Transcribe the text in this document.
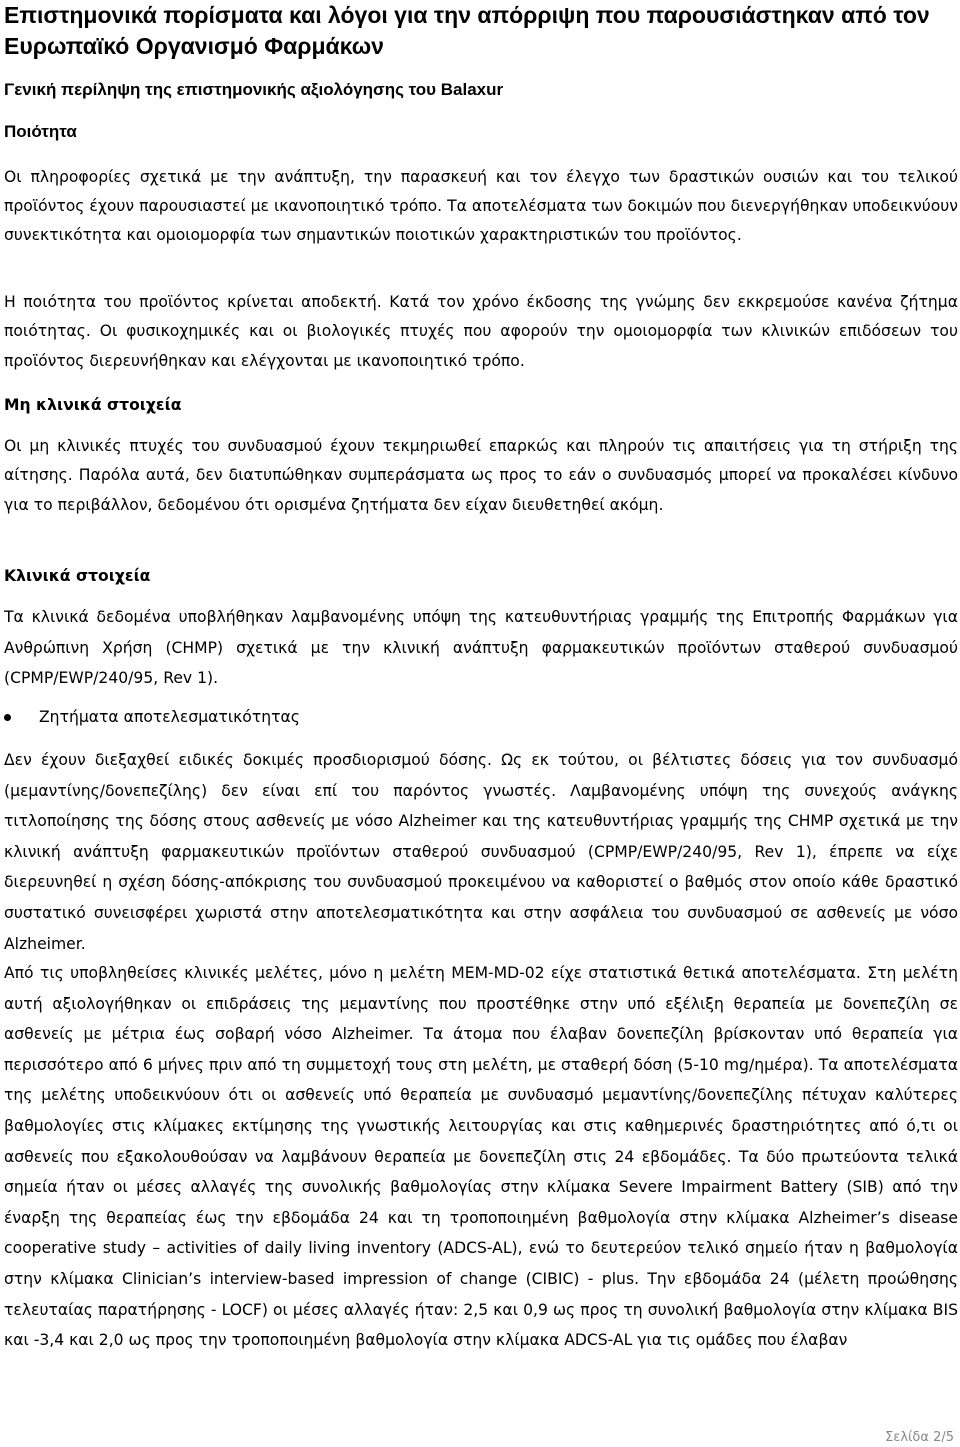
Επιστημονικά πορίσματα και λόγοι για την απόρριψη που παρουσιάστηκαν από τον Ευρωπαϊκό Οργανισμό Φαρμάκων
Γενική περίληψη της επιστημονικής αξιολόγησης του Balaxur
Ποιότητα

Οι πληροφορίες σχετικά με την ανάπτυξη, την παρασκευή και τον έλεγχο των δραστικών ουσιών και του τελικού προϊόντος έχουν παρουσιαστεί με ικανοποιητικό τρόπο. Τα αποτελέσματα των δοκιμών που διενεργήθηκαν υποδεικνύουν συνεκτικότητα και ομοιομορφία των σημαντικών ποιοτικών χαρακτηριστικών του προϊόντος.

Η ποιότητα του προϊόντος κρίνεται αποδεκτή. Κατά τον χρόνο έκδοσης της γνώμης δεν εκκρεμούσε κανένα ζήτημα ποιότητας. Οι φυσικοχημικές και οι βιολογικές πτυχές που αφορούν την ομοιομορφία των κλινικών επιδόσεων του προϊόντος διερευνήθηκαν και ελέγχονται με ικανοποιητικό τρόπο.

Μη κλινικά στοιχεία

Οι μη κλινικές πτυχές του συνδυασμού έχουν τεκμηριωθεί επαρκώς και πληρούν τις απαιτήσεις για τη στήριξη της αίτησης. Παρόλα αυτά, δεν διατυπώθηκαν συμπεράσματα ως προς το εάν ο συνδυασμός μπορεί να προκαλέσει κίνδυνο για το περιβάλλον, δεδομένου ότι ορισμένα ζητήματα δεν είχαν διευθετηθεί ακόμη.

Κλινικά στοιχεία

Τα κλινικά δεδομένα υποβλήθηκαν λαμβανομένης υπόψη της κατευθυντήριας γραμμής της Επιτροπής Φαρμάκων για Ανθρώπινη Χρήση (CHMP) σχετικά με την κλινική ανάπτυξη φαρμακευτικών προϊόντων σταθερού συνδυασμού (CPMP/EWP/240/95, Rev 1).

Ζητήματα αποτελεσματικότητας

Δεν έχουν διεξαχθεί ειδικές δοκιμές προσδιορισμού δόσης. Ως εκ τούτου, οι βέλτιστες δόσεις για τον συνδυασμό (μεμαντίνης/δονεπεζίλης) δεν είναι επί του παρόντος γνωστές. Λαμβανομένης υπόψη της συνεχούς ανάγκης τιτλοποίησης της δόσης στους ασθενείς με νόσο Alzheimer και της κατευθυντήριας γραμμής της CHMP σχετικά με την κλινική ανάπτυξη φαρμακευτικών προϊόντων σταθερού συνδυασμού (CPMP/EWP/240/95, Rev 1), έπρεπε να είχε διερευνηθεί η σχέση δόσης-απόκρισης του συνδυασμού προκειμένου να καθοριστεί ο βαθμός στον οποίο κάθε δραστικό συστατικό συνεισφέρει χωριστά στην αποτελεσματικότητα και στην ασφάλεια του συνδυασμού σε ασθενείς με νόσο Alzheimer.

Από τις υποβληθείσες κλινικές μελέτες, μόνο η μελέτη MEM-MD-02 είχε στατιστικά θετικά αποτελέσματα. Στη μελέτη αυτή αξιολογήθηκαν οι επιδράσεις της μεμαντίνης που προστέθηκε στην υπό εξέλιξη θεραπεία με δονεπεζίλη σε ασθενείς με μέτρια έως σοβαρή νόσο Alzheimer. Τα άτομα που έλαβαν δονεπεζίλη βρίσκονταν υπό θεραπεία για περισσότερο από 6 μήνες πριν από τη συμμετοχή τους στη μελέτη, με σταθερή δόση (5-10 mg/ημέρα). Τα αποτελέσματα της μελέτης υποδεικνύουν ότι οι ασθενείς υπό θεραπεία με συνδυασμό μεμαντίνης/δονεπεζίλης πέτυχαν καλύτερες βαθμολογίες στις κλίμακες εκτίμησης της γνωστικής λειτουργίας και στις καθημερινές δραστηριότητες από ό,τι οι ασθενείς που εξακολουθούσαν να λαμβάνουν θεραπεία με δονεπεζίλη στις 24 εβδομάδες. Τα δύο πρωτεύοντα τελικά σημεία ήταν οι μέσες αλλαγές της συνολικής βαθμολογίας στην κλίμακα Severe Impairment Battery (SIB) από την έναρξη της θεραπείας έως την εβδομάδα 24 και τη τροποποιημένη βαθμολογία στην κλίμακα Alzheimer’s disease cooperative study – activities of daily living inventory (ADCS-AL), ενώ το δευτερεύον τελικό σημείο ήταν η βαθμολογία στην κλίμακα Clinician’s interview-based impression of change (CIBIC) - plus. Την εβδομάδα 24 (μέλετη προώθησης τελευταίας παρατήρησης - LOCF) οι μέσες αλλαγές ήταν: 2,5 και 0,9 ως προς τη συνολική βαθμολογία στην κλίμακα BIS και -3,4 και 2,0 ως προς την τροποποιημένη βαθμολογία στην κλίμακα ADCS-AL για τις ομάδες που έλαβαν

Σελίδα 2/5
